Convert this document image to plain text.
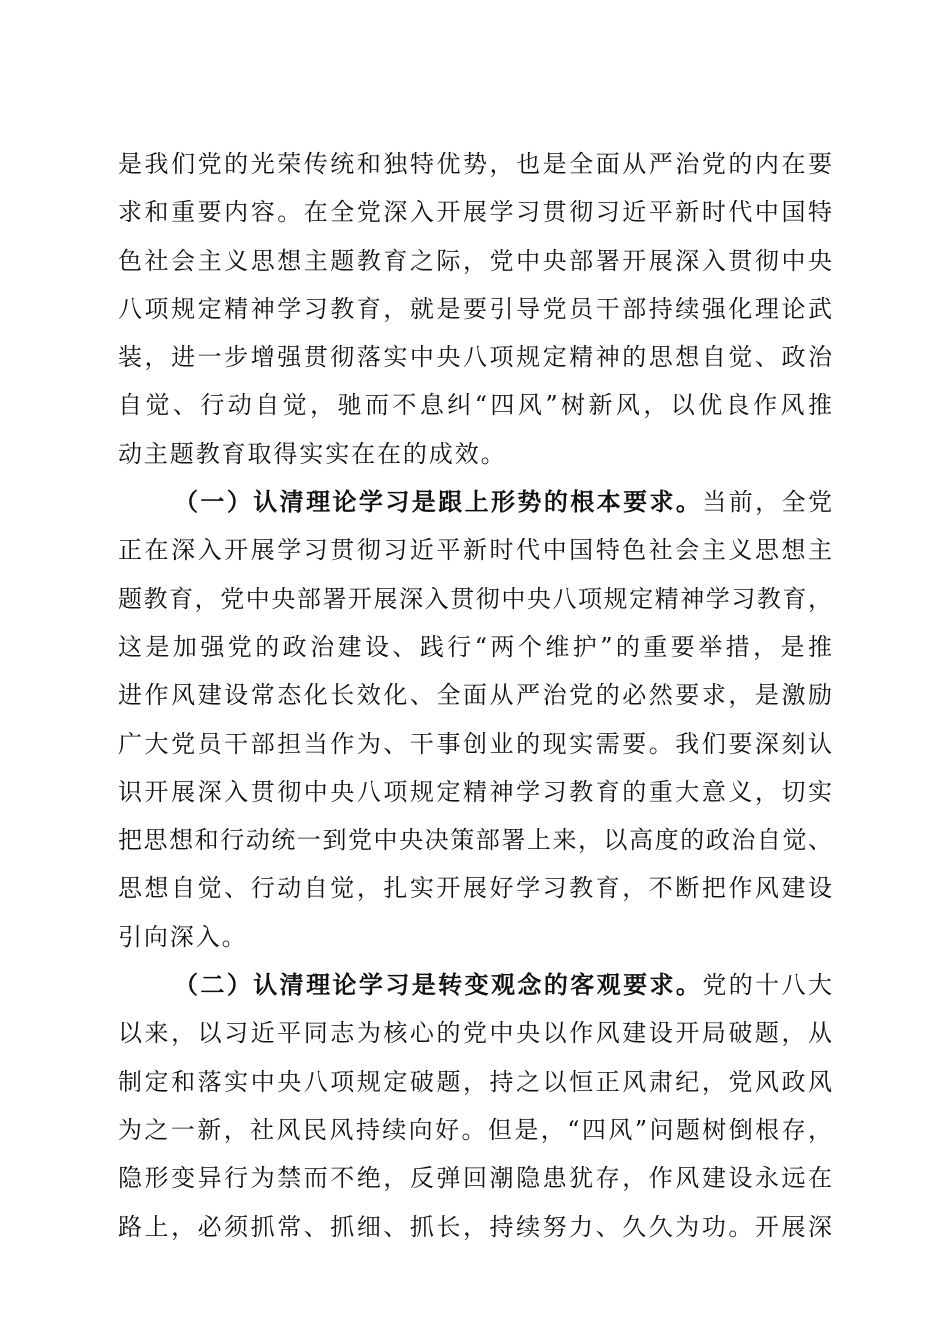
是我们党的光荣传统和独特优势，也是全面从严治党的内在要
求和重要内容。在全党深入开展学习贯彻习近平新时代中国特
色社会主义思想主题教育之际，党中央部署开展深入贯彻中央
八项规定精神学习教育，就是要引导党员干部持续强化理论武
装，进一步增强贯彻落实中央八项规定精神的思想自觉、政治
自觉、行动自觉，驰而不息纠“四风”树新风，以优良作风推
动主题教育取得实实在在的成效。
（一）认清理论学习是跟上形势的根本要求。当前，全党
正在深入开展学习贯彻习近平新时代中国特色社会主义思想主
题教育，党中央部署开展深入贯彻中央八项规定精神学习教育，
这是加强党的政治建设、践行“两个维护”的重要举措，是推
进作风建设常态化长效化、全面从严治党的必然要求，是激励
广大党员干部担当作为、干事创业的现实需要。我们要深刻认
识开展深入贯彻中央八项规定精神学习教育的重大意义，切实
把思想和行动统一到党中央决策部署上来，以高度的政治自觉、
思想自觉、行动自觉，扎实开展好学习教育，不断把作风建设
引向深入。
（二）认清理论学习是转变观念的客观要求。党的十八大
以来，以习近平同志为核心的党中央以作风建设开局破题，从
制定和落实中央八项规定破题，持之以恒正风肃纪，党风政风
为之一新，社风民风持续向好。但是，“四风”问题树倒根存，
隐形变异行为禁而不绝，反弹回潮隐患犹存，作风建设永远在
路上，必须抓常、抓细、抓长，持续努力、久久为功。开展深
